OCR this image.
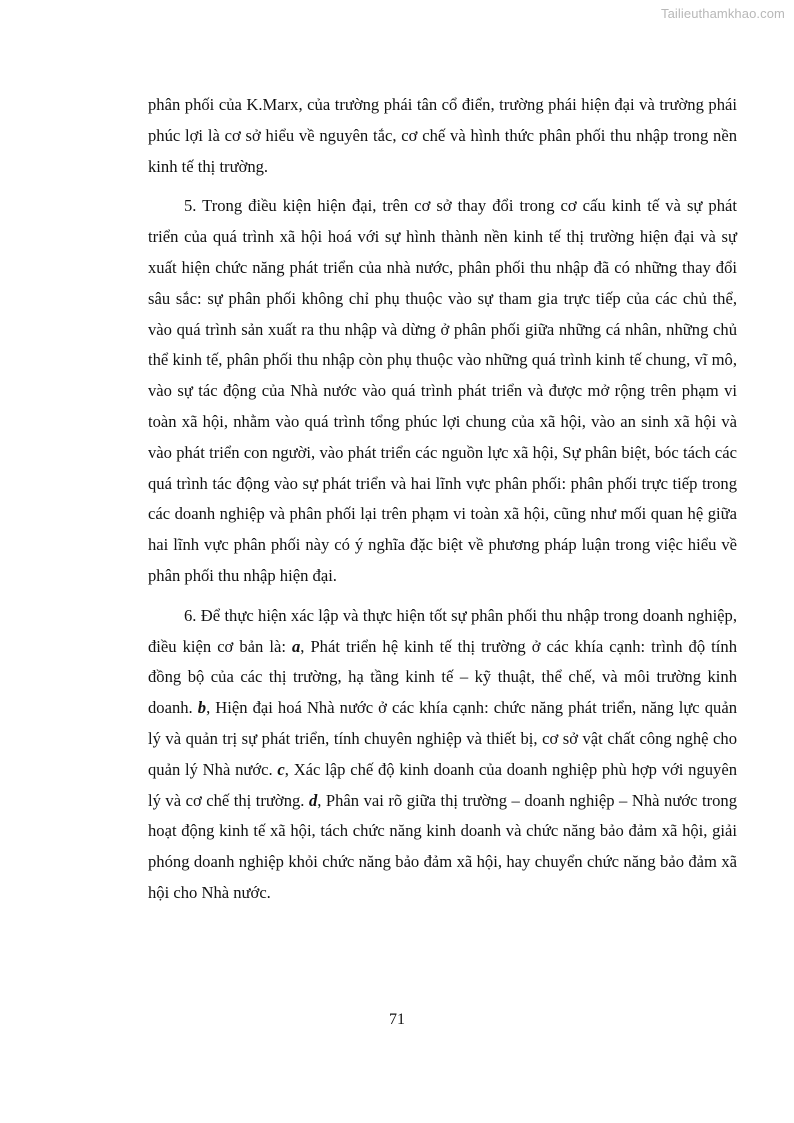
Tailieuthamkhao.com

phân phối của K.Marx, của trường phái tân cổ điển, trường phái hiện đại và trường phái phúc lợi là cơ sở hiểu về nguyên tắc, cơ chế và hình thức phân phối thu nhập trong nền kinh tế thị trường.

5. Trong điều kiện hiện đại, trên cơ sở thay đổi trong cơ cấu kinh tế và sự phát triển của quá trình xã hội hoá với sự hình thành nền kinh tế thị trường hiện đại và sự xuất hiện chức năng phát triển của nhà nước, phân phối thu nhập đã có những thay đổi sâu sắc: sự phân phối không chỉ phụ thuộc vào sự tham gia trực tiếp của các chủ thể, vào quá trình sản xuất ra thu nhập và dừng ở phân phối giữa những cá nhân, những chủ thể kinh tế, phân phối thu nhập còn phụ thuộc vào những quá trình kinh tế chung, vĩ mô, vào sự tác động của Nhà nước vào quá trình phát triển và được mở rộng trên phạm vi toàn xã hội, nhằm vào quá trình tổng phúc lợi chung của xã hội, vào an sinh xã hội và vào phát triển con người, vào phát triển các nguồn lực xã hội, Sự phân biệt, bóc tách các quá trình tác động vào sự phát triển và hai lĩnh vực phân phối: phân phối trực tiếp trong các doanh nghiệp và phân phối lại trên phạm vi toàn xã hội, cũng như mối quan hệ giữa hai lĩnh vực phân phối này có ý nghĩa đặc biệt về phương pháp luận trong việc hiểu về phân phối thu nhập hiện đại.

6. Để thực hiện xác lập và thực hiện tốt sự phân phối thu nhập trong doanh nghiệp, điều kiện cơ bản là: a, Phát triển hệ kinh tế thị trường ở các khía cạnh: trình độ tính đồng bộ của các thị trường, hạ tầng kinh tế – kỹ thuật, thể chế, và môi trường kinh doanh. b, Hiện đại hoá Nhà nước ở các khía cạnh: chức năng phát triển, năng lực quản lý và quản trị sự phát triển, tính chuyên nghiệp và thiết bị, cơ sở vật chất công nghệ cho quản lý Nhà nước. c, Xác lập chế độ kinh doanh của doanh nghiệp phù hợp với nguyên lý và cơ chế thị trường. d, Phân vai rõ giữa thị trường – doanh nghiệp – Nhà nước trong hoạt động kinh tế xã hội, tách chức năng kinh doanh và chức năng bảo đảm xã hội, giải phóng doanh nghiệp khỏi chức năng bảo đảm xã hội, hay chuyển chức năng bảo đảm xã hội cho Nhà nước.

71
